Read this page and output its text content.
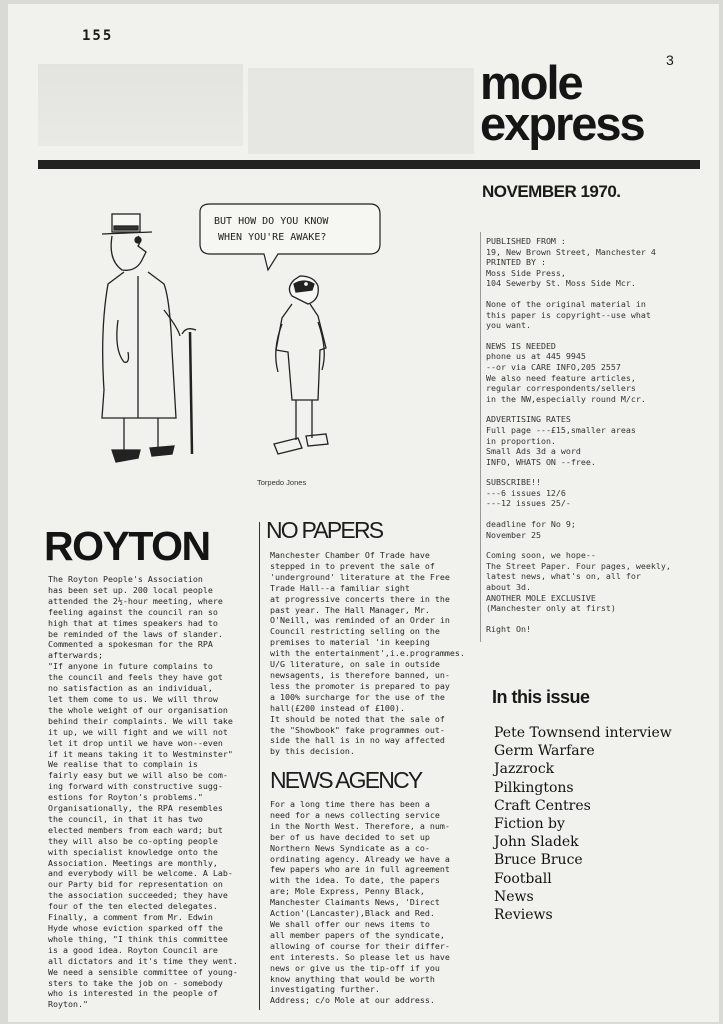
155
3
mole
express
NOVEMBER 1970.
BUT HOW DO YOU KNOW
WHEN YOU'RE AWAKE?
Torpedo Jones

PUBLISHED FROM :
19, New Brown Street, Manchester 4
PRINTED BY :
Moss Side Press,
104 Sewerby St. Moss Side Mcr.

None of the original material in
this paper is copyright--use what
you want.

NEWS IS NEEDED
phone us at 445 9945
--or via CARE INFO,205 2557
We also need feature articles,
regular correspondents/sellers
in the NW,especially round M/cr.

ADVERTISING RATES
Full page ---£15,smaller areas
in proportion.
Small Ads 3d a word
INFO, WHATS ON --free.

SUBSCRIBE!!
---6 issues 12/6
---12 issues 25/-

deadline for No 9;
November 25

Coming soon, we hope--
The Street Paper. Four pages, weekly,
latest news, what's on, all for
about 3d.
ANOTHER MOLE EXCLUSIVE
(Manchester only at first)

Right On!

In this issue
Pete Townsend interview
Germ Warfare
Jazzrock
Pilkingtons
Craft Centres
Fiction by
John Sladek
Bruce Bruce
Football
News
Reviews
ROYTON
The Royton People's Association
has been set up. 200 local people
attended the 2½-hour meeting, where
feeling against the council ran so
high that at times speakers had to
be reminded of the laws of slander.
Commented a spokesman for the RPA
afterwards;
"If anyone in future complains to
the council and feels they have got
no satisfaction as an individual,
let them come to us. We will throw
the whole weight of our organisation
behind their complaints. We will take
it up, we will fight and we will not
let it drop until we have won--even
if it means taking it to Westminster"
We realise that to complain is
fairly easy but we will also be com-
ing forward with constructive sugg-
estions for Royton's problems."
Organisationally, the RPA resembles
the council, in that it has two
elected members from each ward; but
they will also be co-opting people
with specialist knowledge onto the
Association. Meetings are monthly,
and everybody will be welcome. A Lab-
our Party bid for representation on
the association succeeded; they have
four of the ten elected delegates.
Finally, a comment from Mr. Edwin
Hyde whose eviction sparked off the
whole thing, "I think this committee
is a good idea. Royton Council are
all dictators and it's time they went.
We need a sensible committee of young-
sters to take the job on - somebody
who is interested in the people of
Royton."
NO PAPERS
Manchester Chamber Of Trade have
stepped in to prevent the sale of
'underground' literature at the Free
Trade Hall--a familiar sight
at progressive concerts there in the
past year. The Hall Manager, Mr.
O'Neill, was reminded of an Order in
Council restricting selling on the
premises to material 'in keeping
with the entertainment',i.e.programmes.
U/G literature, on sale in outside
newsagents, is therefore banned, un-
less the promoter is prepared to pay
a 100% surcharge for the use of the
hall(£200 instead of £100).
It should be noted that the sale of
the "Showbook" fake programmes out-
side the hall is in no way affected
by this decision.
NEWS AGENCY
For a long time there has been a
need for a news collecting service
in the North West. Therefore, a num-
ber of us have decided to set up
Northern News Syndicate as a co-
ordinating agency. Already we have a
few papers who are in full agreement
with the idea. To date, the papers
are; Mole Express, Penny Black,
Manchester Claimants News, 'Direct
Action'(Lancaster),Black and Red.
We shall offer our news items to
all member papers of the syndicate,
allowing of course for their differ-
ent interests. So please let us have
news or give us the tip-off if you
know anything that would be worth
investigating further.
Address; c/o Mole at our address.
